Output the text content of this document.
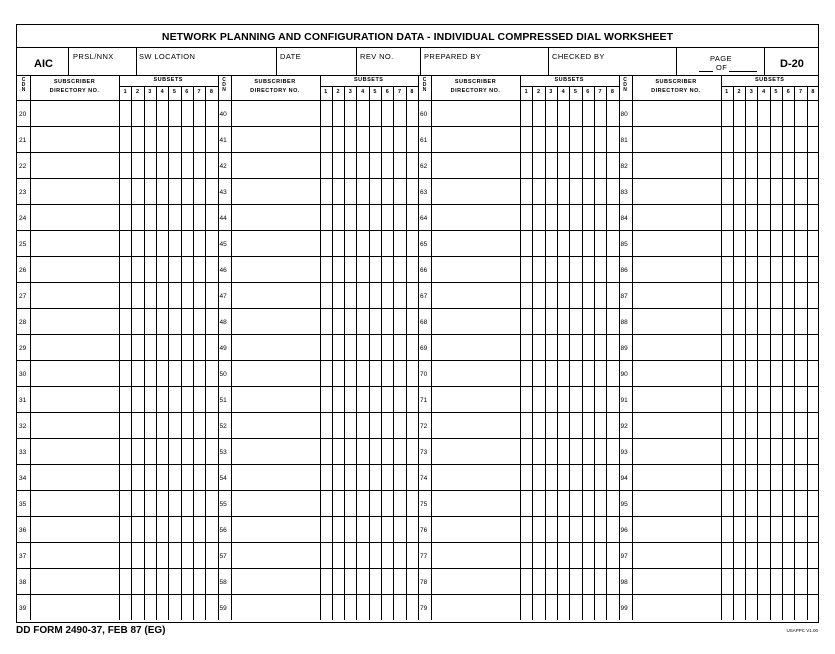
NETWORK PLANNING AND CONFIGURATION DATA - INDIVIDUAL COMPRESSED DIAL WORKSHEET
AIC
PRSL/NNX	SW LOCATION	DATE	REV NO.	PREPARED BY	CHECKED BY	PAGE
OF	D-20
C
D
N
SUBSCRIBER
DIRECTORY NO.
SUBSETS
1	2	3	4	5	6	7	8
20
21
22
23
24
25
26
27
28
29
30
31
32
33
34
35
36
37
38
39
C
D
N
SUBSCRIBER
DIRECTORY NO.
SUBSETS
1	2	3	4	5	6	7	8
40
41
42
43
44
45
46
47
48
49
50
51
52
53
54
55
56
57
58
59
C
D
N
SUBSCRIBER
DIRECTORY NO.
SUBSETS
1	2	3	4	5	6	7	8
60
61
62
63
64
65
66
67
68
69
70
71
72
73
74
75
76
77
78
79
C
D
N
SUBSCRIBER
DIRECTORY NO.
SUBSETS
1	2	3	4	5	6	7	8
80
81
82
83
84
85
86
87
88
89
90
91
92
93
94
95
96
97
98
99
DD FORM 2490-37, FEB 87 (EG)	USAPPC V1.00
